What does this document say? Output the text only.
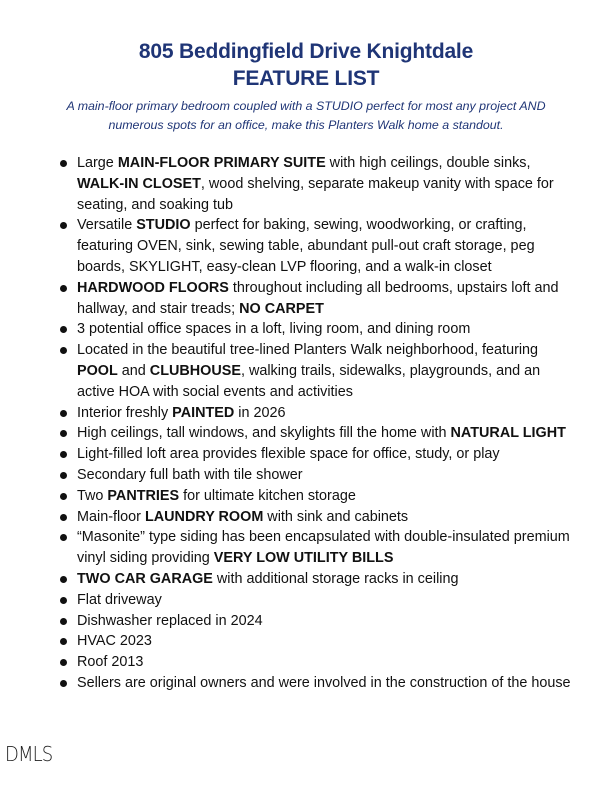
805 Beddingfield Drive Knightdale
FEATURE LIST
A main-floor primary bedroom coupled with a STUDIO perfect for most any project AND
numerous spots for an office, make this Planters Walk home a standout.
Large MAIN-FLOOR PRIMARY SUITE with high ceilings, double sinks, WALK-IN CLOSET, wood shelving, separate makeup vanity with space for seating, and soaking tub
Versatile STUDIO perfect for baking, sewing, woodworking, or crafting, featuring OVEN, sink, sewing table, abundant pull-out craft storage, peg boards, SKYLIGHT, easy-clean LVP flooring, and a walk-in closet
HARDWOOD FLOORS throughout including all bedrooms, upstairs loft and hallway, and stair treads; NO CARPET
3 potential office spaces in a loft, living room, and dining room
Located in the beautiful tree-lined Planters Walk neighborhood, featuring POOL and CLUBHOUSE, walking trails, sidewalks, playgrounds, and an active HOA with social events and activities
Interior freshly PAINTED in 2026
High ceilings, tall windows, and skylights fill the home with NATURAL LIGHT
Light-filled loft area provides flexible space for office, study, or play
Secondary full bath with tile shower
Two PANTRIES for ultimate kitchen storage
Main-floor LAUNDRY ROOM with sink and cabinets
“Masonite” type siding has been encapsulated with double-insulated premium vinyl siding providing VERY LOW UTILITY BILLS
TWO CAR GARAGE with additional storage racks in ceiling
Flat driveway
Dishwasher replaced in 2024
HVAC 2023
Roof 2013
Sellers are original owners and were involved in the construction of the house
DMLS
